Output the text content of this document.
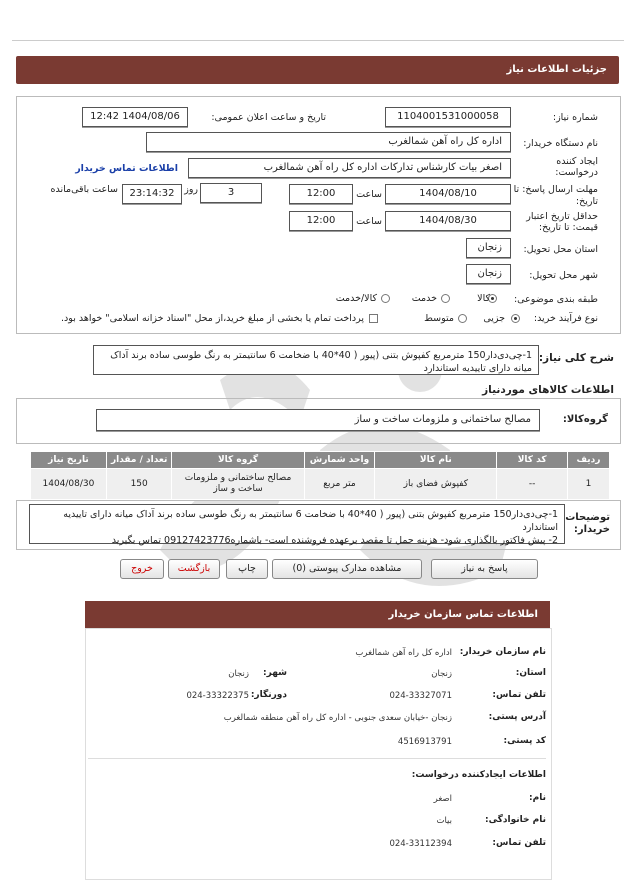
جزئیات اطلاعات نیاز
شماره نیاز:
1104001531000058
تاریخ و ساعت اعلان عمومی:
1404/08/06 12:42
نام دستگاه خریدار:
اداره کل راه آهن شمالغرب
ایجاد کننده
درخواست:
اصغر بیات کارشناس تدارکات اداره کل راه آهن شمالغرب
اطلاعات تماس خریدار
مهلت ارسال پاسخ: تا
تاریخ:
1404/08/10
ساعت
12:00
3
روز
23:14:32
ساعت باقی‌مانده
حداقل تاریخ اعتبار
قیمت: تا تاریخ:
1404/08/30
ساعت
12:00
استان محل تحویل:
زنجان
شهر محل تحویل:
زنجان
طبقه بندی موضوعی:
کالا
خدمت
کالا/خدمت
نوع فرآیند خرید:
جزیی
متوسط
پرداخت تمام یا بخشی از مبلغ خرید،از محل "اسناد خزانه اسلامی" خواهد بود.
شرح کلی نیاز:
1-چی‌دی‌دار150 مترمربع کفپوش بتنی (پیور ( 40*40 با ضخامت 6 سانتیمتر به رنگ طوسی ساده برند آداک میانه دارای تاییدیه استاندارد
اطلاعات کالاهای موردنیاز
گروه‌کالا:
مصالح ساختمانی و ملزومات ساخت و ساز
ردیف	کد کالا	نام کالا	واحد شمارش	گروه کالا	تعداد / مقدار	تاریخ نیاز
1	--	کفپوش فضای باز	متر مربع	مصالح ساختمانی و ملزومات ساخت و ساز	150	1404/08/30
توضیحات
خریدار:
1-چی‌دی‌دار150 مترمربع کفپوش بتنی (پیور ( 40*40 با ضخامت 6 سانتیمتر به رنگ طوسی ساده برند آداک میانه دارای تاییدیه استاندارد
2- پیش فاکتور بالگذاری شود- هزینه حمل تا مقصد برعهده فروشنده است- باشماره09127423776 تماس بگیرید
پاسخ به نیاز
مشاهده مدارک پیوستی (0)
چاپ
بازگشت
خروج
اطلاعات تماس سازمان خریدار
نام سازمان خریدار:
اداره کل راه آهن شمالغرب
استان:
زنجان
شهر:
زنجان
تلفن تماس:
024-33327071
دورنگار:
024-33322375
آدرس پستی:
زنجان -خیابان سعدی جنوبی - اداره کل راه آهن منطقه شمالغرب
کد پستی:
4516913791
اطلاعات ایجادکننده درخواست:
نام:
اصغر
نام خانوادگی:
بیات
تلفن تماس:
024-33112394
